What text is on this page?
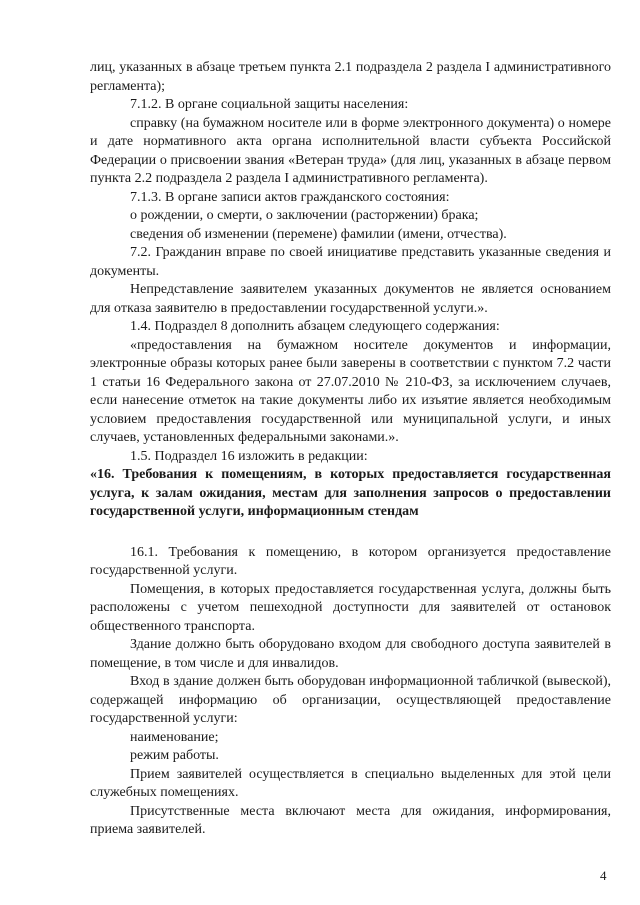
лиц, указанных в абзаце третьем пункта 2.1 подраздела 2 раздела I административного регламента);

7.1.2. В органе социальной защиты населения:

справку (на бумажном носителе или в форме электронного документа) о номере и дате нормативного акта органа исполнительной власти субъекта Российской Федерации о присвоении звания «Ветеран труда» (для лиц, указанных в абзаце первом пункта 2.2 подраздела 2 раздела I административного регламента).

7.1.3. В органе записи актов гражданского состояния:

о рождении, о смерти, о заключении (расторжении) брака;

сведения об изменении (перемене) фамилии (имени, отчества).

7.2. Гражданин вправе по своей инициативе представить указанные сведения и документы.

Непредставление заявителем указанных документов не является основанием для отказа заявителю в предоставлении государственной услуги.».

1.4. Подраздел 8 дополнить абзацем следующего содержания:

«предоставления на бумажном носителе документов и информации, электронные образы которых ранее были заверены в соответствии с пунктом 7.2 части 1 статьи 16 Федерального закона от 27.07.2010 № 210-ФЗ, за исключением случаев, если нанесение отметок на такие документы либо их изъятие является необходимым условием предоставления государственной или муниципальной услуги, и иных случаев, установленных федеральными законами.».

1.5. Подраздел 16 изложить в редакции:

«16. Требования к помещениям, в которых предоставляется государственная услуга, к залам ожидания, местам для заполнения запросов о предоставлении государственной услуги, информационным стендам

16.1. Требования к помещению, в котором организуется предоставление государственной услуги.

Помещения, в которых предоставляется государственная услуга, должны быть расположены с учетом пешеходной доступности для заявителей от остановок общественного транспорта.

Здание должно быть оборудовано входом для свободного доступа заявителей в помещение, в том числе и для инвалидов.

Вход в здание должен быть оборудован информационной табличкой (вывеской), содержащей информацию об организации, осуществляющей предоставление государственной услуги:

наименование;

режим работы.

Прием заявителей осуществляется в специально выделенных для этой цели служебных помещениях.

Присутственные места включают места для ожидания, информирования, приема заявителей.

4
